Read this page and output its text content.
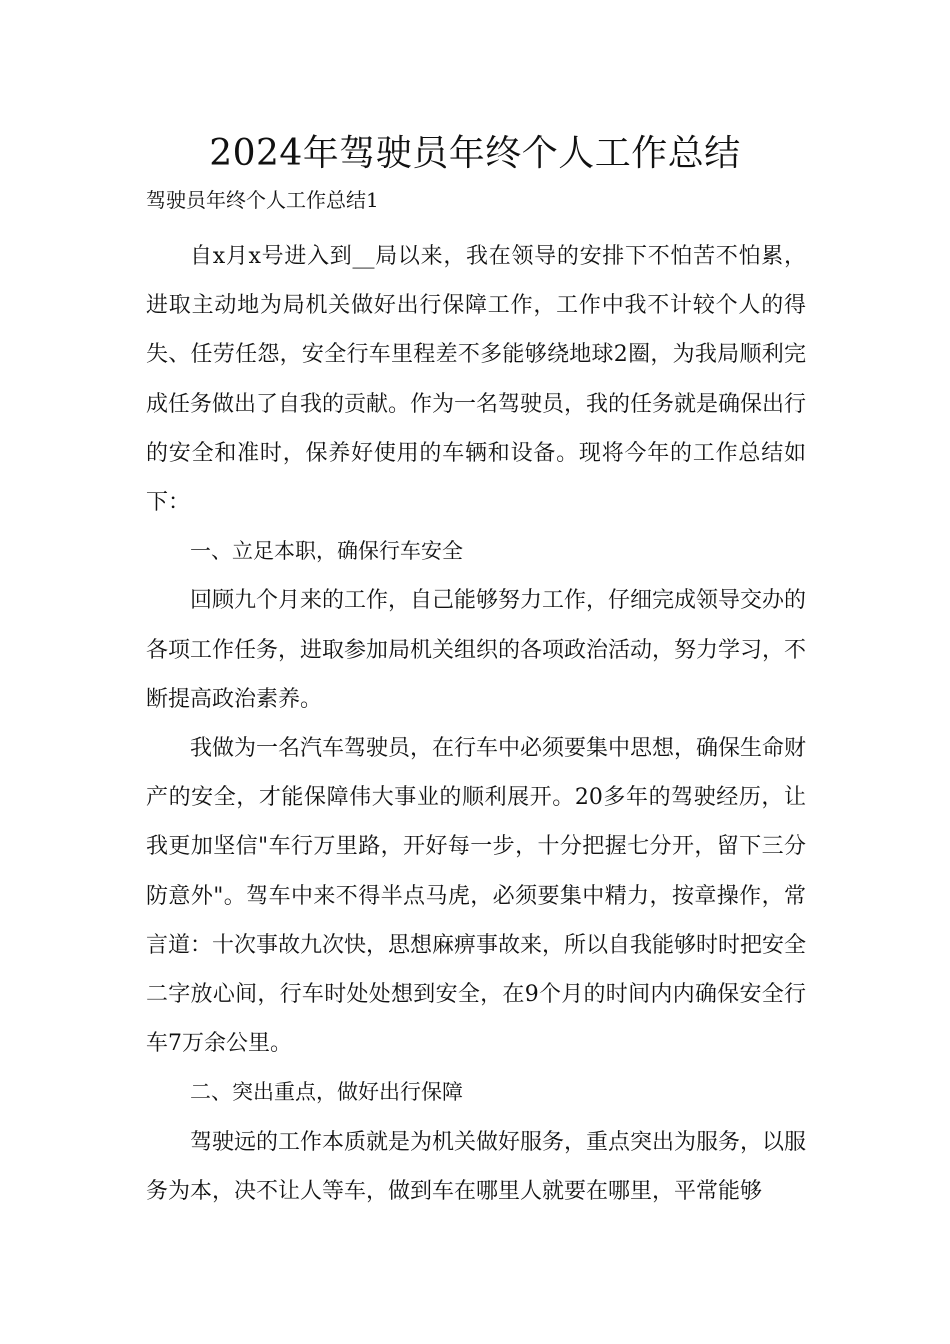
2024年驾驶员年终个人工作总结

驾驶员年终个人工作总结1

自x月x号进入到__局以来，我在领导的安排下不怕苦不怕累，进取主动地为局机关做好出行保障工作，工作中我不计较个人的得失、任劳任怨，安全行车里程差不多能够绕地球2圈，为我局顺利完成任务做出了自我的贡献。作为一名驾驶员，我的任务就是确保出行的安全和准时，保养好使用的车辆和设备。现将今年的工作总结如下：

一、立足本职，确保行车安全

回顾九个月来的工作，自己能够努力工作，仔细完成领导交办的各项工作任务，进取参加局机关组织的各项政治活动，努力学习，不断提高政治素养。

我做为一名汽车驾驶员，在行车中必须要集中思想，确保生命财产的安全，才能保障伟大事业的顺利展开。20多年的驾驶经历，让我更加坚信"车行万里路，开好每一步，十分把握七分开，留下三分防意外"。驾车中来不得半点马虎，必须要集中精力，按章操作，常言道：十次事故九次快，思想麻痹事故来，所以自我能够时时把安全二字放心间，行车时处处想到安全，在9个月的时间内内确保安全行车7万余公里。

二、突出重点，做好出行保障

驾驶远的工作本质就是为机关做好服务，重点突出为服务，以服务为本，决不让人等车，做到车在哪里人就要在哪里，平常能够
